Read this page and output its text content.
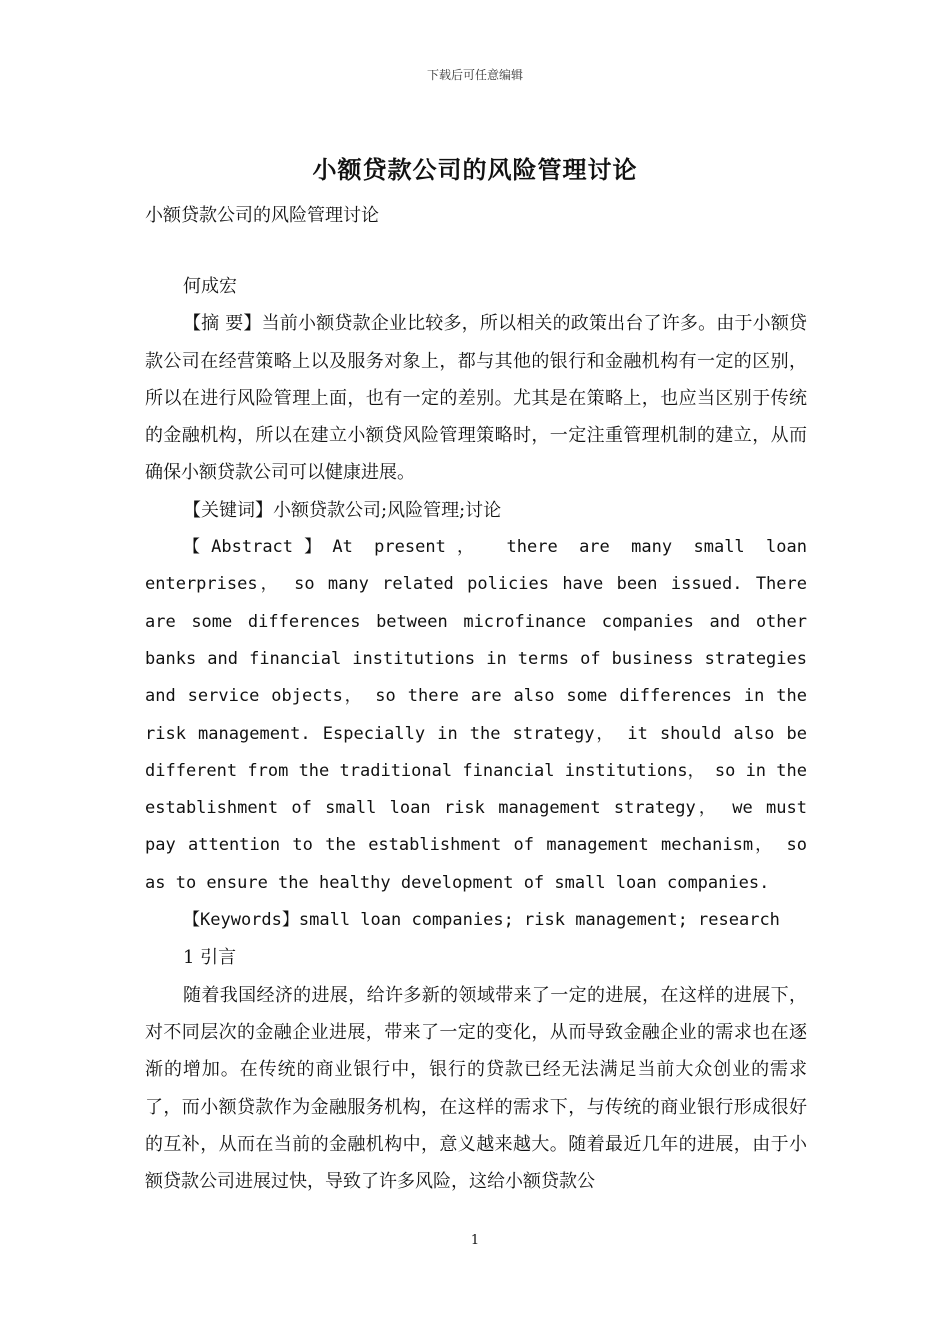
下载后可任意编辑
小额贷款公司的风险管理讨论
小额贷款公司的风险管理讨论

何成宏

【摘 要】当前小额贷款企业比较多，所以相关的政策出台了许多。由于小额贷款公司在经营策略上以及服务对象上，都与其他的银行和金融机构有一定的区别，所以在进行风险管理上面，也有一定的差别。尤其是在策略上，也应当区别于传统的金融机构，所以在建立小额贷风险管理策略时，一定注重管理机制的建立，从而确保小额贷款公司可以健康进展。

【关键词】小额贷款公司;风险管理;讨论

【Abstract】At present， there are many small loan enterprises， so many related policies have been issued. There are some differences between microfinance companies and other banks and financial institutions in terms of business strategies and service objects， so there are also some differences in the risk management. Especially in the strategy， it should also be different from the traditional financial institutions， so in the establishment of small loan risk management strategy， we must pay attention to the establishment of management mechanism， so as to ensure the healthy development of small loan companies.

【Keywords】small loan companies; risk management; research

1 引言

随着我国经济的进展，给许多新的领域带来了一定的进展，在这样的进展下，对不同层次的金融企业进展，带来了一定的变化，从而导致金融企业的需求也在逐渐的增加。在传统的商业银行中，银行的贷款已经无法满足当前大众创业的需求了，而小额贷款作为金融服务机构，在这样的需求下，与传统的商业银行形成很好的互补，从而在当前的金融机构中，意义越来越大。随着最近几年的进展，由于小额贷款公司进展过快，导致了许多风险，这给小额贷款公

1
